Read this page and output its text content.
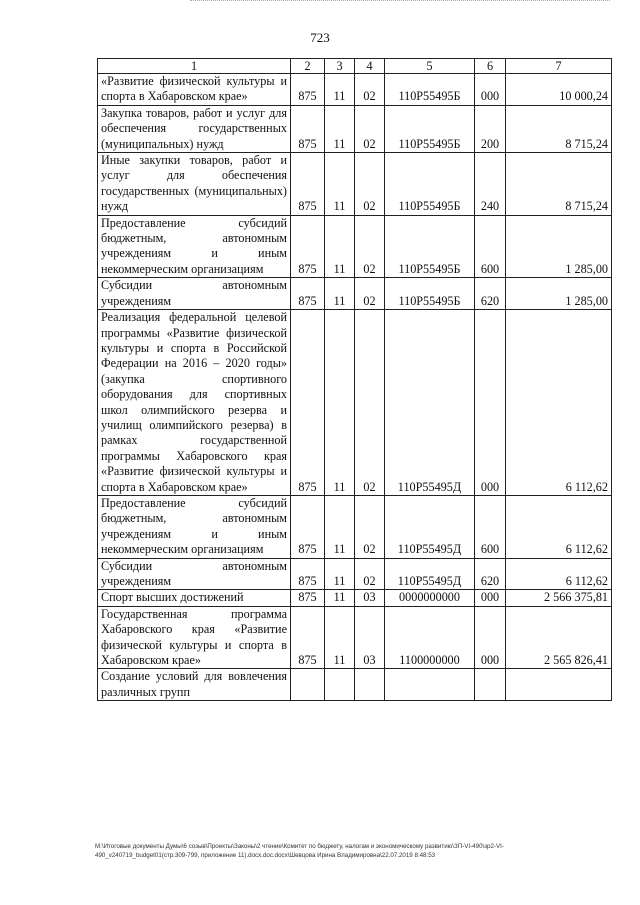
723
1	2	3	4	5	6	7
«Развитие физической культуры и спорта в Хабаровском крае»	875	11	02	110P55495Б	000	10 000,24
Закупка товаров, работ и услуг для обеспечения государственных (муниципальных) нужд	875	11	02	110P55495Б	200	8 715,24
Иные закупки товаров, работ и услуг для обеспечения государственных (муниципальных) нужд	875	11	02	110P55495Б	240	8 715,24
Предоставление субсидий бюджетным, автономным учреждениям и иным некоммерческим организациям	875	11	02	110P55495Б	600	1 285,00
Субсидии автономным учреждениям	875	11	02	110P55495Б	620	1 285,00
Реализация федеральной целевой программы «Развитие физической культуры и спорта в Российской Федерации на 2016 – 2020 годы» (закупка спортивного оборудования для спортивных школ олимпийского резерва и училищ олимпийского резерва) в рамках государственной программы Хабаровского края «Развитие физической культуры и спорта в Хабаровском крае»	875	11	02	110P55495Д	000	6 112,62
Предоставление субсидий бюджетным, автономным учреждениям и иным некоммерческим организациям	875	11	02	110P55495Д	600	6 112,62
Субсидии автономным учреждениям	875	11	02	110P55495Д	620	6 112,62
Спорт высших достижений	875	11	03	0000000000	000	2 566 375,81
Государственная программа Хабаровского края «Развитие физической культуры и спорта в Хабаровском крае»	875	11	03	1100000000	000	2 565 826,41
Создание условий для вовлечения различных групп						
M:\Итоговые документы Думы\6 созыв\Проекты\Законы\2 чтение\Комитет по бюджету, налогам и экономическому развитию\ЗП-VI-490\зр2-VI-
490_v240719_budget01(стр.309-799, приложение 11).docx.doc.docx\Шевцова Ирина Владимировна\22.07.2019 8:48:53
